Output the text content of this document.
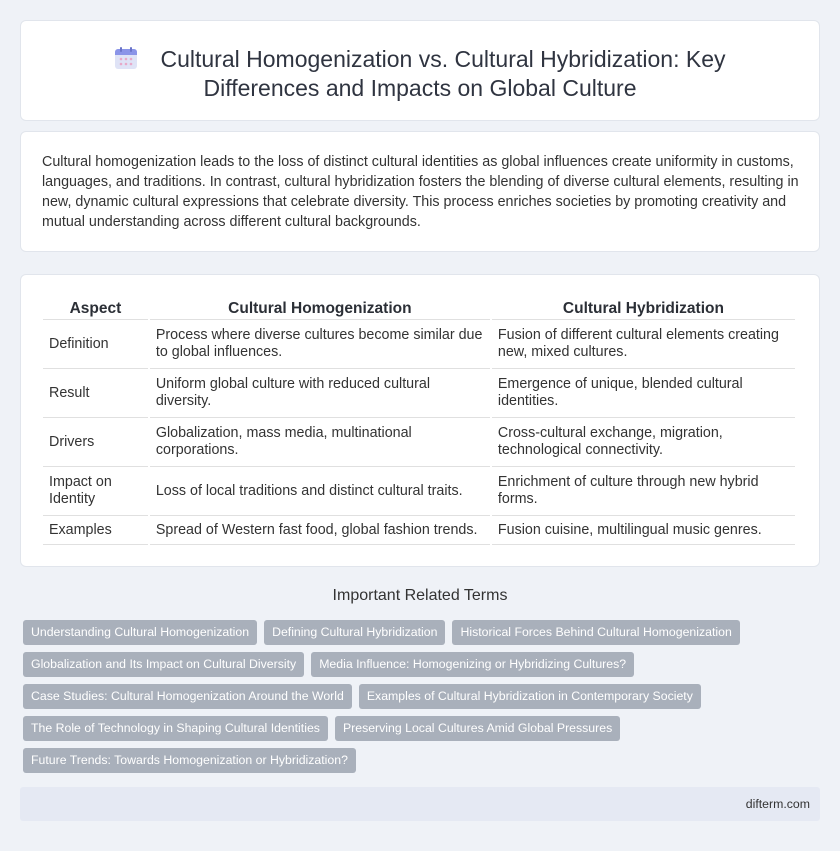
Cultural Homogenization vs. Cultural Hybridization: Key
Differences and Impacts on Global Culture

Cultural homogenization leads to the loss of distinct cultural identities as global influences create uniformity in customs, languages, and traditions. In contrast, cultural hybridization fosters the blending of diverse cultural elements, resulting in new, dynamic cultural expressions that celebrate diversity. This process enriches societies by promoting creativity and mutual understanding across different cultural backgrounds.

Aspect	Cultural Homogenization	Cultural Hybridization
Definition	Process where diverse cultures become similar due to global influences.	Fusion of different cultural elements creating new, mixed cultures.
Result	Uniform global culture with reduced cultural diversity.	Emergence of unique, blended cultural identities.
Drivers	Globalization, mass media, multinational corporations.	Cross-cultural exchange, migration, technological connectivity.
Impact on Identity	Loss of local traditions and distinct cultural traits.	Enrichment of culture through new hybrid forms.
Examples	Spread of Western fast food, global fashion trends.	Fusion cuisine, multilingual music genres.
Important Related Terms
Understanding Cultural Homogenization	Defining Cultural Hybridization	Historical Forces Behind Cultural Homogenization
Globalization and Its Impact on Cultural Diversity	Media Influence: Homogenizing or Hybridizing Cultures?
Case Studies: Cultural Homogenization Around the World	Examples of Cultural Hybridization in Contemporary Society
The Role of Technology in Shaping Cultural Identities	Preserving Local Cultures Amid Global Pressures
Future Trends: Towards Homogenization or Hybridization?
difterm.com
